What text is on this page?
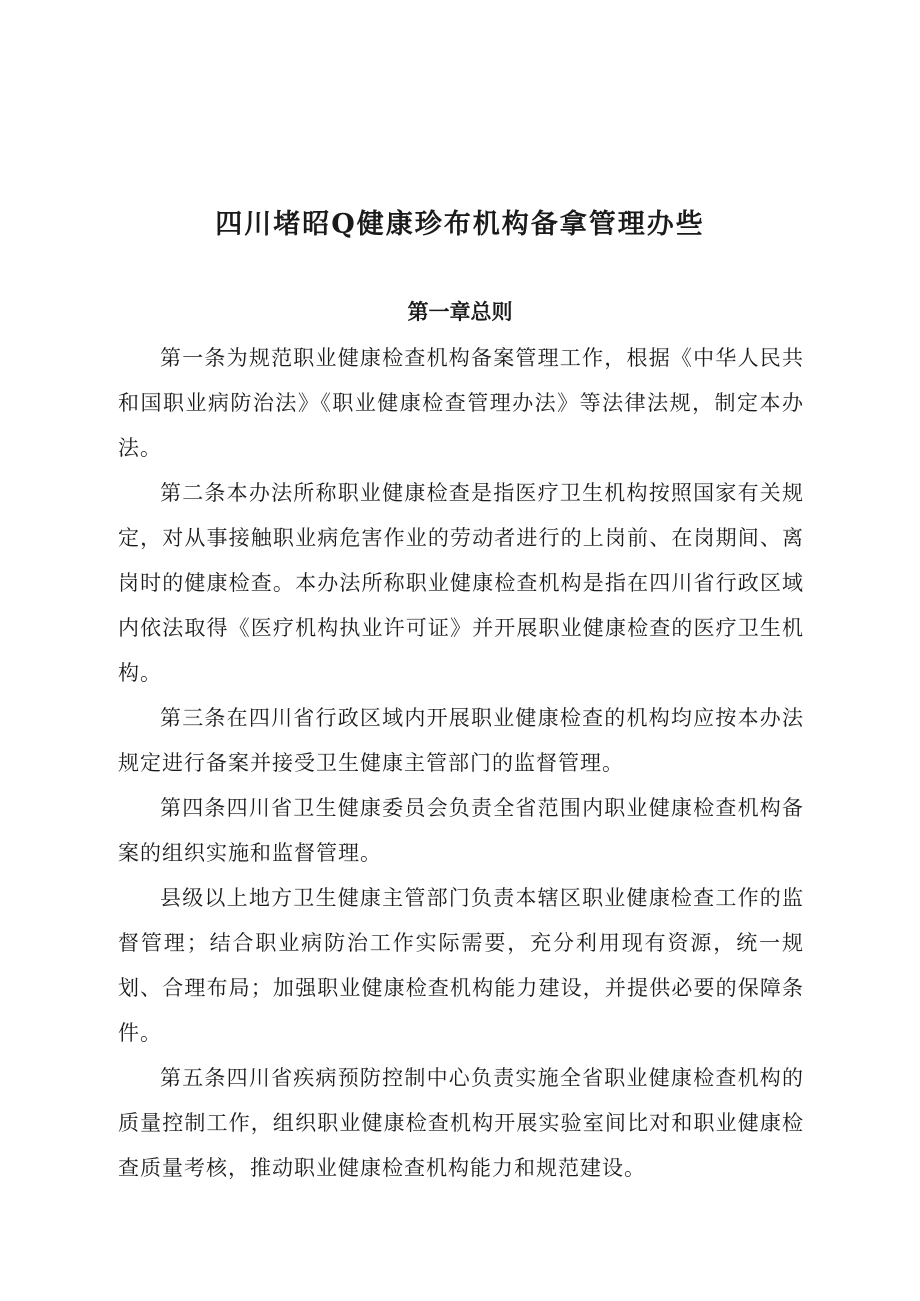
四川堵昭Q健康珍布机构备拿管理办些
第一章总则

第一条为规范职业健康检查机构备案管理工作，根据《中华人民共和国职业病防治法》《职业健康检查管理办法》等法律法规，制定本办法。

第二条本办法所称职业健康检查是指医疗卫生机构按照国家有关规定，对从事接触职业病危害作业的劳动者进行的上岗前、在岗期间、离岗时的健康检查。本办法所称职业健康检查机构是指在四川省行政区域内依法取得《医疗机构执业许可证》并开展职业健康检查的医疗卫生机构。

第三条在四川省行政区域内开展职业健康检查的机构均应按本办法规定进行备案并接受卫生健康主管部门的监督管理。

第四条四川省卫生健康委员会负责全省范围内职业健康检查机构备案的组织实施和监督管理。

县级以上地方卫生健康主管部门负责本辖区职业健康检查工作的监督管理；结合职业病防治工作实际需要，充分利用现有资源，统一规划、合理布局；加强职业健康检查机构能力建设，并提供必要的保障条件。

第五条四川省疾病预防控制中心负责实施全省职业健康检查机构的质量控制工作，组织职业健康检查机构开展实验室间比对和职业健康检查质量考核，推动职业健康检查机构能力和规范建设。
